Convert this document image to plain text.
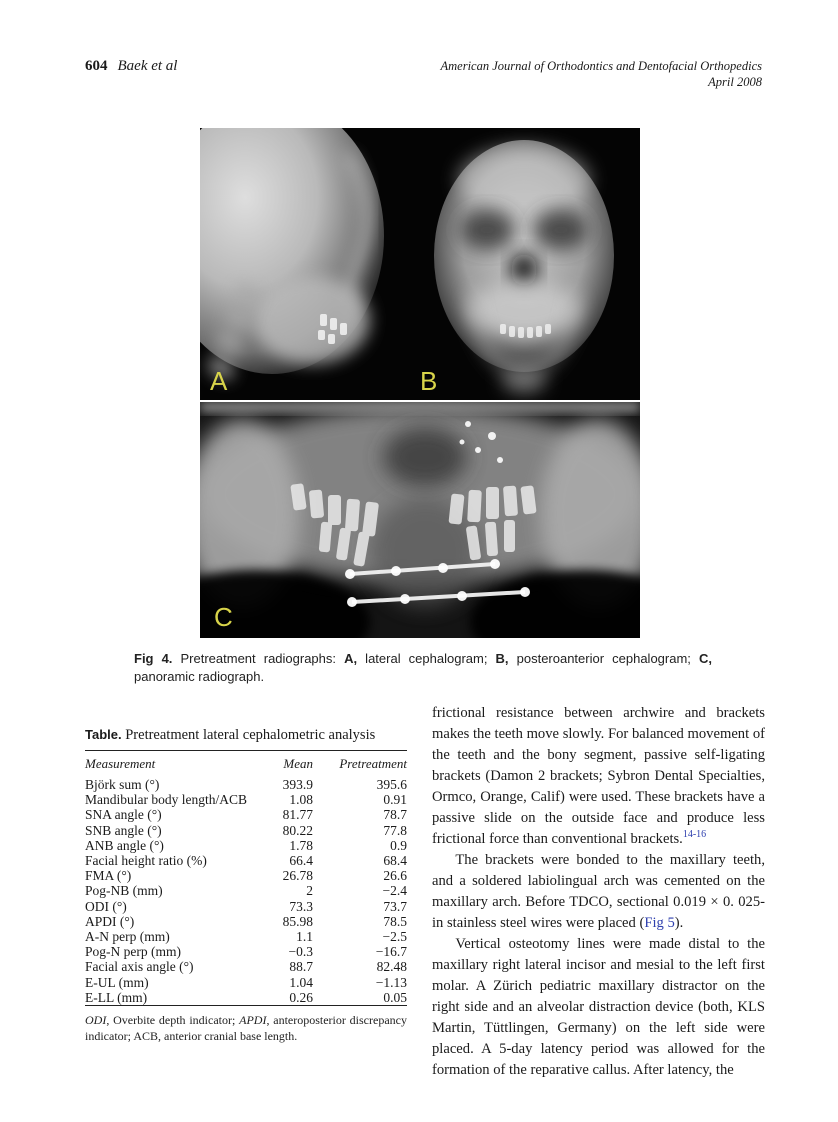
604 Baek et al	American Journal of Orthodontics and Dentofacial Orthopedics
April 2008
A	B
C
Fig 4. Pretreatment radiographs: A, lateral cephalogram; B, posteroanterior cephalogram; C, panoramic radiograph.
Table. Pretreatment lateral cephalometric analysis
Measurement	Mean	Pretreatment
Björk sum (°)	393.9	395.6
Mandibular body length/ACB	1.08	0.91
SNA angle (°)	81.77	78.7
SNB angle (°)	80.22	77.8
ANB angle (°)	1.78	0.9
Facial height ratio (%)	66.4	68.4
FMA (°)	26.78	26.6
Pog-NB (mm)	2	−2.4
ODI (°)	73.3	73.7
APDI (°)	85.98	78.5
A-N perp (mm)	1.1	−2.5
Pog-N perp (mm)	−0.3	−16.7
Facial axis angle (°)	88.7	82.48
E-UL (mm)	1.04	−1.13
E-LL (mm)	0.26	0.05
ODI, Overbite depth indicator; APDI, anteroposterior discrepancy indicator; ACB, anterior cranial base length.

frictional resistance between archwire and brackets makes the teeth move slowly. For balanced movement of the teeth and the bony segment, passive self-ligating brackets (Damon 2 brackets; Sybron Dental Specialties, Ormco, Orange, Calif) were used. These brackets have a passive slide on the outside face and produce less frictional force than conventional brackets.$^{14-16}$

The brackets were bonded to the maxillary teeth, and a soldered labiolingual arch was cemented on the maxillary arch. Before TDCO, sectional 0.019 × 0. 025-in stainless steel wires were placed (Fig 5).

Vertical osteotomy lines were made distal to the maxillary right lateral incisor and mesial to the left first molar. A Zürich pediatric maxillary distractor on the right side and an alveolar distraction device (both, KLS Martin, Tüttlingen, Germany) on the left side were placed. A 5-day latency period was allowed for the formation of the reparative callus. After latency, the
